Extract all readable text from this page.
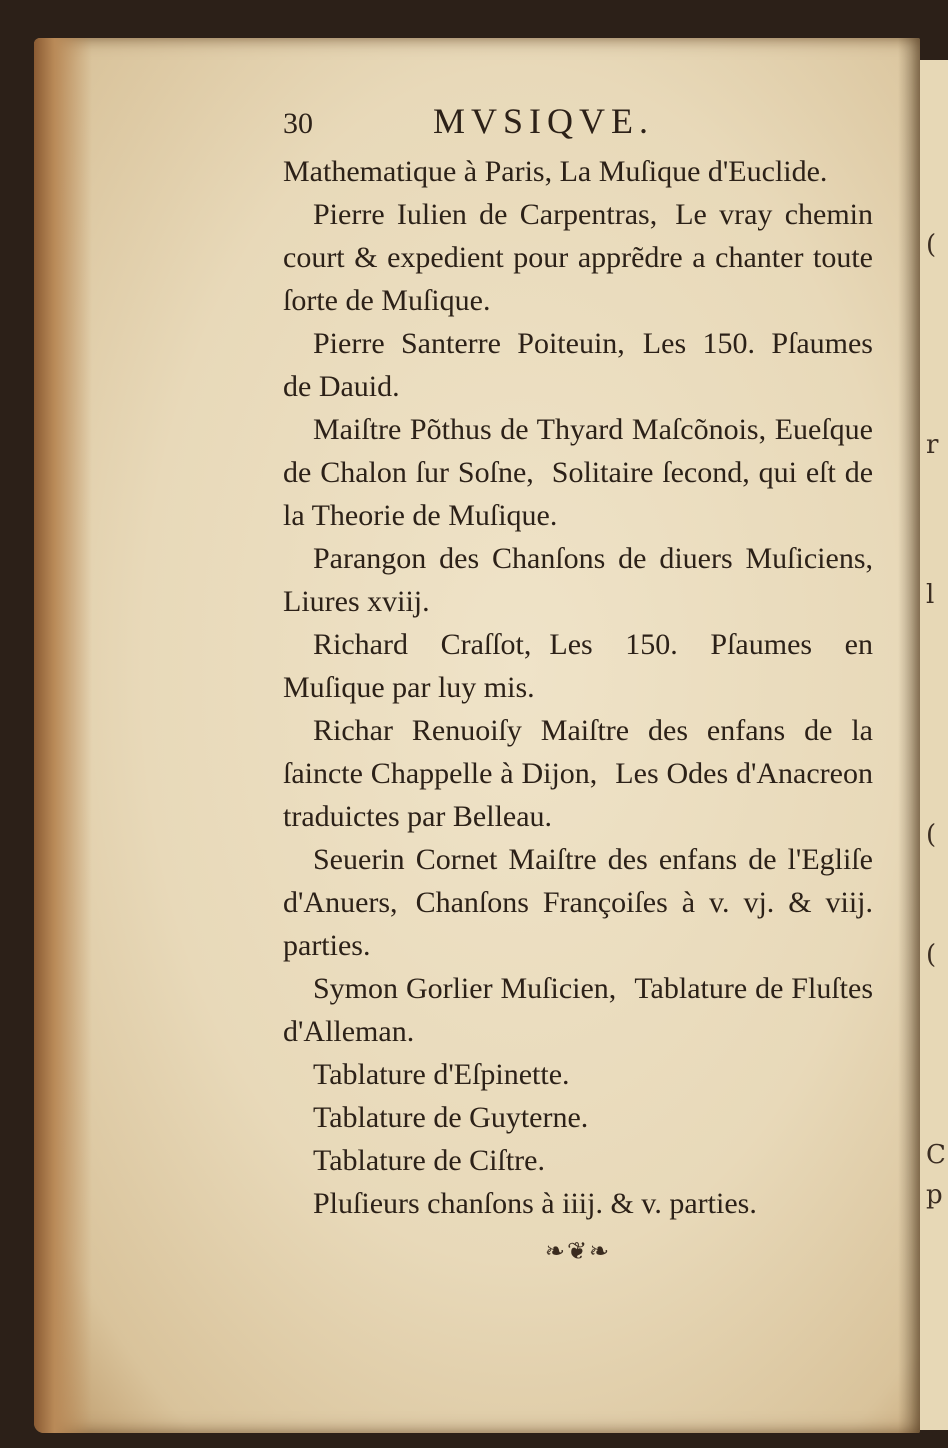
(
r
l
(
(
C
p
30	MVSIQVE.

Mathematique à Paris, La Muſique d'Euclide.

Pierre Iulien de Carpentras, Le vray chemin court & expedient pour apprẽdre a chanter toute ſorte de Muſique.

Pierre Santerre Poiteuin, Les 150. Pſaumes de Dauid.

Maiſtre Põthus de Thyard Maſcõnois, Eueſque de Chalon ſur Soſne, Solitaire ſecond, qui eſt de la Theorie de Muſique.

Parangon des Chanſons de diuers Muſiciens, Liures xviij.

Richard Craſſot, Les 150. Pſaumes en Muſique par luy mis.

Richar Renuoiſy Maiſtre des enfans de la ſaincte Chappelle à Dijon, Les Odes d'Anacreon traduictes par Belleau.

Seuerin Cornet Maiſtre des enfans de l'Egliſe d'Anuers, Chanſons Françoiſes à v. vj. & viij. parties.

Symon Gorlier Muſicien, Tablature de Fluſtes d'Alleman.

Tablature d'Eſpinette.

Tablature de Guyterne.

Tablature de Ciſtre.

Pluſieurs chanſons à iiij. & v. parties.

❧❦❧
